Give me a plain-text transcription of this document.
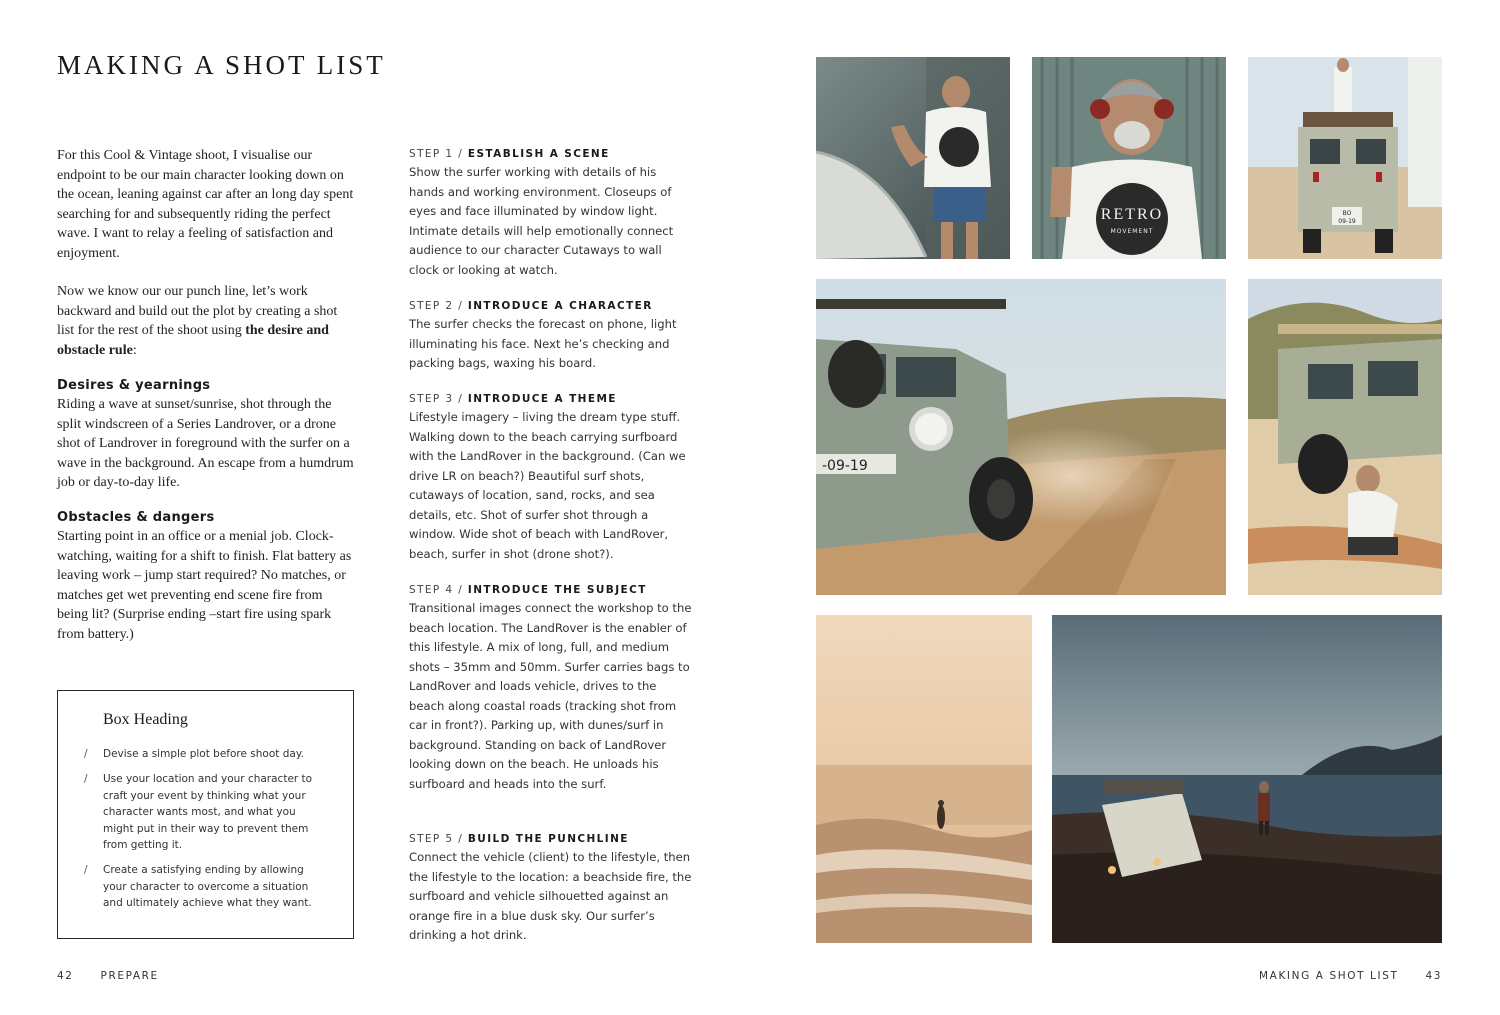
MAKING A SHOT LIST

For this Cool & Vintage shoot, I visualise our endpoint to be our main character looking down on the ocean, leaning against car after an long day spent searching for and subsequently riding the perfect wave. I want to relay a feeling of satisfaction and enjoyment.

Now we know our our punch line, let’s work backward and build out the plot by creating a shot list for the rest of the shoot using the desire and obstacle rule:

Desires & yearnings

Riding a wave at sunset/sunrise, shot through the split windscreen of a Series Landrover, or a drone shot of Landrover in foreground with the surfer on a wave in the background. An escape from a humdrum job or day-to-day life.

Obstacles & dangers

Starting point in an office or a menial job. Clock-watching, waiting for a shift to finish. Flat battery as leaving work – jump start required? No matches, or matches get wet preventing end scene fire from being lit? (Surprise ending –start fire using spark from battery.)

Box Heading
/ Devise a simple plot before shoot day.
/ Use your location and your character to craft your event by thinking what your character wants most, and what you might put in their way to prevent them from getting it.
/ Create a satisfying ending by allowing your character to overcome a situation and ultimately achieve what they want.
STEP 1 / ESTABLISH A SCENE
Show the surfer working with details of his hands and working environment. Closeups of eyes and face illuminated by window light. Intimate details will help emotionally connect audience to our character Cutaways to wall clock or looking at watch.
STEP 2 / INTRODUCE A CHARACTER
The surfer checks the forecast on phone, light illuminating his face. Next he’s checking and packing bags, waxing his board.
STEP 3 / INTRODUCE A THEME
Lifestyle imagery – living the dream type stuff. Walking down to the beach carrying surfboard with the LandRover in the background. (Can we drive LR on beach?) Beautiful surf shots, cutaways of location, sand, rocks, and sea details, etc. Shot of surfer shot through a window. Wide shot of beach with LandRover, beach, surfer in shot (drone shot?).
STEP 4 / INTRODUCE THE SUBJECT
Transitional images connect the workshop to the beach location. The LandRover is the enabler of this lifestyle. A mix of long, full, and medium shots – 35mm and 50mm. Surfer carries bags to LandRover and loads vehicle, drives to the beach along coastal roads (tracking shot from car in front?). Parking up, with dunes/surf in background. Standing on back of LandRover looking down on the beach. He unloads his surfboard and heads into the surf.
STEP 5 / BUILD THE PUNCHLINE
Connect the vehicle (client) to the lifestyle, then the lifestyle to the location: a beachside fire, the surfboard and vehicle silhouetted against an orange fire in a blue dusk sky. Our surfer’s drinking a hot drink.
42	PREPARE
RETRO
MOVEMENT
BO
09-19
-09-19
MAKING A SHOT LIST	43
